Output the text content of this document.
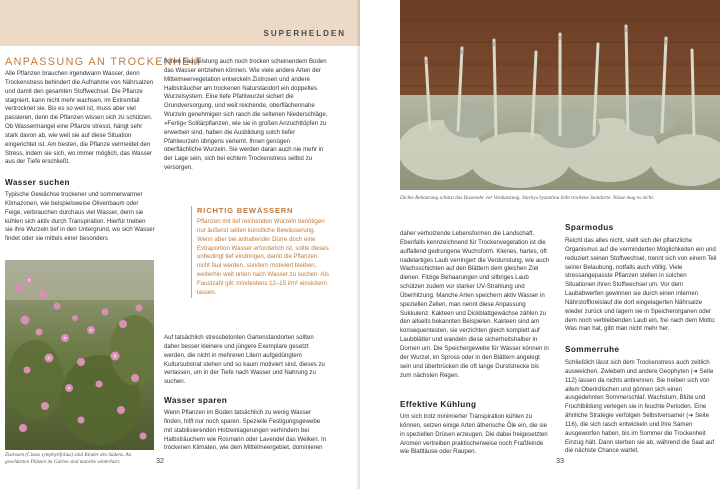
SUPERHELDEN
ANPASSUNG AN TROCKENHEIT

Alle Pflanzen brauchen irgendwann Wasser, denn Trockenstress behindert die Aufnahme von Nährsalzen und damit den gesamten Stoffwechsel. Die Pflanze stagniert, kann nicht mehr wachsen, im Extremfall vertrocknet sie. Bis es so weit ist, muss aber viel passieren, denn die Pflanzen wissen sich zu schützen. Ob Wassermangel eine Pflanze stresst, hängt sehr stark davon ab, wie weit sie auf diese Situation eingerichtet ist. Am besten, die Pflanze vermeidet den Stress, indem sie sich, wo immer möglich, das Wasser aus der Tiefe erschließt.

Wasser suchen

Typische Gewächse trockener und sommerwarmer Klimazonen, wie beispielsweise Olivenbaum oder Feige, verbrauchen durchaus viel Wasser, denn sie kühlen sich aktiv durch Transpiration. Hierfür treiben sie ihre Wurzeln tief in den Untergrund, wo sich Wasser findet oder sie mittels einer besonders

Zistrosen (Cistus symphytifolius) sind Kinder des Südens. An geschützten Plätzen im Garten sind manche winterhart.

hohen Saugleistung auch noch trocken scheinendem Boden das Wasser entziehen können. Wie viele andere Arten der Mittelmeervegetation entwickeln Zistrosen und andere Halbsträucher am trockenen Naturstandort ein doppeltes Wurzelsystem. Eine tiefe Pfahlwurzel sichert die Grundversorgung, und weit reichende, oberflächennahe Wurzeln genehmigen sich rasch die seltenen Niederschläge. »Fertig« Solitärpflanzen, wie sie in großen Anzuchttöpfen zu erwerben sind, haben die Ausbildung solch tiefer Pfahlwurzeln übrigens verlernt. Ihnen genügen oberflächliche Wurzeln. Sie werden daran auch nie mehr in der Lage sein, sich bei echtem Trockenstress selbst zu versorgen.

RICHTIG BEWÄSSERN

Pflanzen mit tief reichenden Wurzeln benötigen nur äußerst selten künstliche Bewässerung. Wenn aber bei anhaltender Dürre doch eine Extraportion Wasser erforderlich ist, sollte dieses unbedingt tief eindringen, damit die Pflanzen nicht faul werden, sondern motiviert bleiben, weiterhin weit unten nach Wasser zu suchen. Als Faustzahl gilt: mindestens 12–15 l/m² einsickern lassen.

Auf tatsächlich stressbetonten Gartenstandorten sollten daher besser kleinere und jüngere Exemplare gesetzt werden, die nicht in mehreren Litern aufgedüngtem Kultursubstrat stehen und so kaum motiviert sind, dieses zu verlassen, um in der Tiefe nach Wasser und Nahrung zu suchen.

Wasser sparen

Wenn Pflanzen im Boden tatsächlich zu wenig Wasser finden, hilft nur noch sparen. Spezielle Festigungsgewebe mit stabilisierenden Holzeinlagerungen verhindern bei Halbsträuchern wie Rosmarin oder Lavendel das Welken. In trockenen Klimaten, wie dem Mittelmeergebiet, dominieren

32

Dichte Behaarung schützt das Hasenohr vor Verdunstung. Stachys byzantina liebt trockene Standorte. Nässe mag es nicht.

daher verholzende Lebensformen die Landschaft. Ebenfalls kennzeichnend für Trockenvegetation ist die auffallend gedrungene Wuchsform. Kleines, hartes, oft nadelartiges Laub verringert die Verdunstung, wie auch Wachsschichten auf den Blättern dem gleichen Ziel dienen. Filzige Behaarungen und silbriges Laub schützen zudem vor starker UV-Strahlung und Überhitzung. Manche Arten speichern aktiv Wasser in speziellen Zellen, man nennt diese Anpassung Sukkulenz. Kakteen und Dickblattgewächse zählen zu den allseits bekannten Beispielen. Kakteen sind am konsequentesten, sie verzichten gleich komplett auf Laubblätter und wandeln diese sicherheitshalber in Dornen um. Die Speichergewebe für Wasser können in der Wurzel, im Spross oder in den Blättern angelegt sein und überbrücken die oft lange Durststrecke bis zum nächsten Regen.

Effektive Kühlung

Um sich trotz minimierter Transpiration kühlen zu können, setzen einige Arten ätherische Öle ein, die sie in speziellen Drüsen erzeugen. Die dabei freigesetzten Aromen vertreiben praktischerweise noch Fraßfeinde wie Blattläuse oder Raupen.

Sparmodus

Reicht das alles nicht, stellt sich der pflanzliche Organismus auf die verminderten Möglichkeiten ein und reduziert seinen Stoffwechsel, trennt sich von einem Teil seiner Belaubung, notfalls auch völlig. Viele stressangepasste Pflanzen stellen in solchen Situationen ihren Stoffwechsel um. Vor dem Laubabwerfen gewinnen sie durch einen internen Nährstoffkreislauf die dort eingelagerten Nährsalze wieder zurück und lagern sie in Speicherorganen oder dem noch verbleibenden Laub ein, frei nach dem Motto: Was man hat, gibt man nicht mehr her.

Sommerruhe

Schließlich lässt sich dem Trockenstress auch zeitlich ausweichen. Zwiebeln und andere Geophyten (➜ Seite 112) lassen da nichts anbrennen. Sie treiben sich von allem Oberirdischen und gönnen sich einen ausgedehnten Sommerschlaf. Wachstum, Blüte und Fruchtbildung verlegen sie in feuchte Perioden. Eine ähnliche Strategie verfolgen Selbstversamer (➜ Seite 116), die sich rasch entwickeln und ihre Samen ausgeworfen haben, bis im Sommer die Trockenheit Einzug hält. Dann sterben sie ab, während die Saat auf die nächste Chance wartet.

33
